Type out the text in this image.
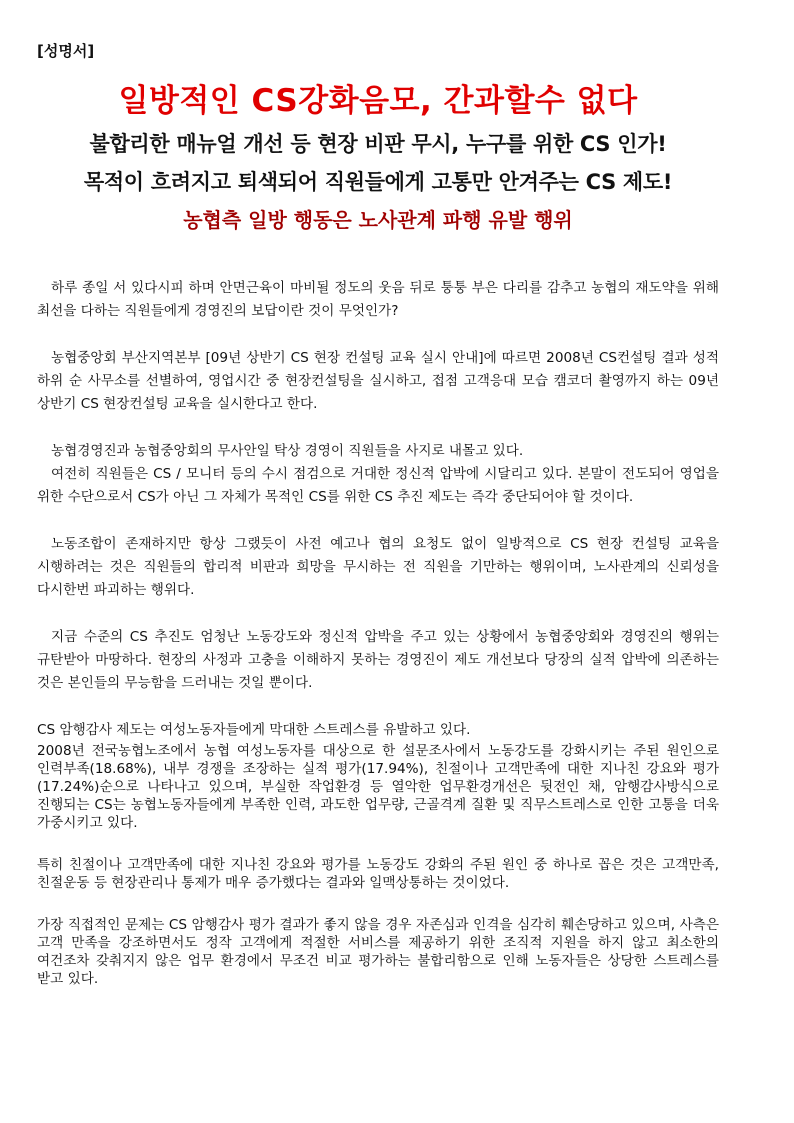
[성명서]
일방적인 CS강화음모, 간과할수 없다
불합리한 매뉴얼 개선 등 현장 비판 무시, 누구를 위한 CS 인가!
목적이 흐려지고 퇴색되어 직원들에게 고통만 안겨주는 CS 제도!
농협측 일방 행동은 노사관계 파행 유발 행위

하루 종일 서 있다시피 하며 안면근육이 마비될 정도의 웃음 뒤로 퉁퉁 부은 다리를 감추고 농협의 재도약을 위해 최선을 다하는 직원들에게 경영진의 보답이란 것이 무엇인가?

농협중앙회 부산지역본부 [09년 상반기 CS 현장 컨설팅 교육 실시 안내]에 따르면 2008년 CS컨설팅 결과 성적 하위 순 사무소를 선별하여, 영업시간 중 현장컨설팅을 실시하고, 접점 고객응대 모습 캠코더 촬영까지 하는 09년 상반기 CS 현장컨설팅 교육을 실시한다고 한다.

농협경영진과 농협중앙회의 무사안일 탁상 경영이 직원들을 사지로 내몰고 있다.

여전히 직원들은 CS / 모니터 등의 수시 점검으로 거대한 정신적 압박에 시달리고 있다. 본말이 전도되어 영업을 위한 수단으로서 CS가 아닌 그 자체가 목적인 CS를 위한 CS 추진 제도는 즉각 중단되어야 할 것이다.

노동조합이 존재하지만 항상 그랬듯이 사전 예고나 협의 요청도 없이 일방적으로 CS 현장 컨설팅 교육을 시행하려는 것은 직원들의 합리적 비판과 희망을 무시하는 전 직원을 기만하는 행위이며, 노사관계의 신뢰성을 다시한번 파괴하는 행위다.

지금 수준의 CS 추진도 엄청난 노동강도와 정신적 압박을 주고 있는 상황에서 농협중앙회와 경영진의 행위는 규탄받아 마땅하다. 현장의 사정과 고충을 이해하지 못하는 경영진이 제도 개선보다 당장의 실적 압박에 의존하는 것은 본인들의 무능함을 드러내는 것일 뿐이다.

CS 암행감사 제도는 여성노동자들에게 막대한 스트레스를 유발하고 있다.

2008년 전국농협노조에서 농협 여성노동자를 대상으로 한 설문조사에서 노동강도를 강화시키는 주된 원인으로 인력부족(18.68%), 내부 경쟁을 조장하는 실적 평가(17.94%), 친절이나 고객만족에 대한 지나친 강요와 평가(17.24%)순으로 나타나고 있으며, 부실한 작업환경 등 열악한 업무환경개선은 뒷전인 채, 암행감사방식으로 진행되는 CS는 농협노동자들에게 부족한 인력, 과도한 업무량, 근골격계 질환 및 직무스트레스로 인한 고통을 더욱 가중시키고 있다.

특히 친절이나 고객만족에 대한 지나친 강요와 평가를 노동강도 강화의 주된 원인 중 하나로 꼽은 것은 고객만족, 친절운동 등 현장관리나 통제가 매우 증가했다는 결과와 일맥상통하는 것이었다.

가장 직접적인 문제는 CS 암행감사 평가 결과가 좋지 않을 경우 자존심과 인격을 심각히 훼손당하고 있으며, 사측은 고객 만족을 강조하면서도 정작 고객에게 적절한 서비스를 제공하기 위한 조직적 지원을 하지 않고 최소한의 여건조차 갖춰지지 않은 업무 환경에서 무조건 비교 평가하는 불합리함으로 인해 노동자들은 상당한 스트레스를 받고 있다.
